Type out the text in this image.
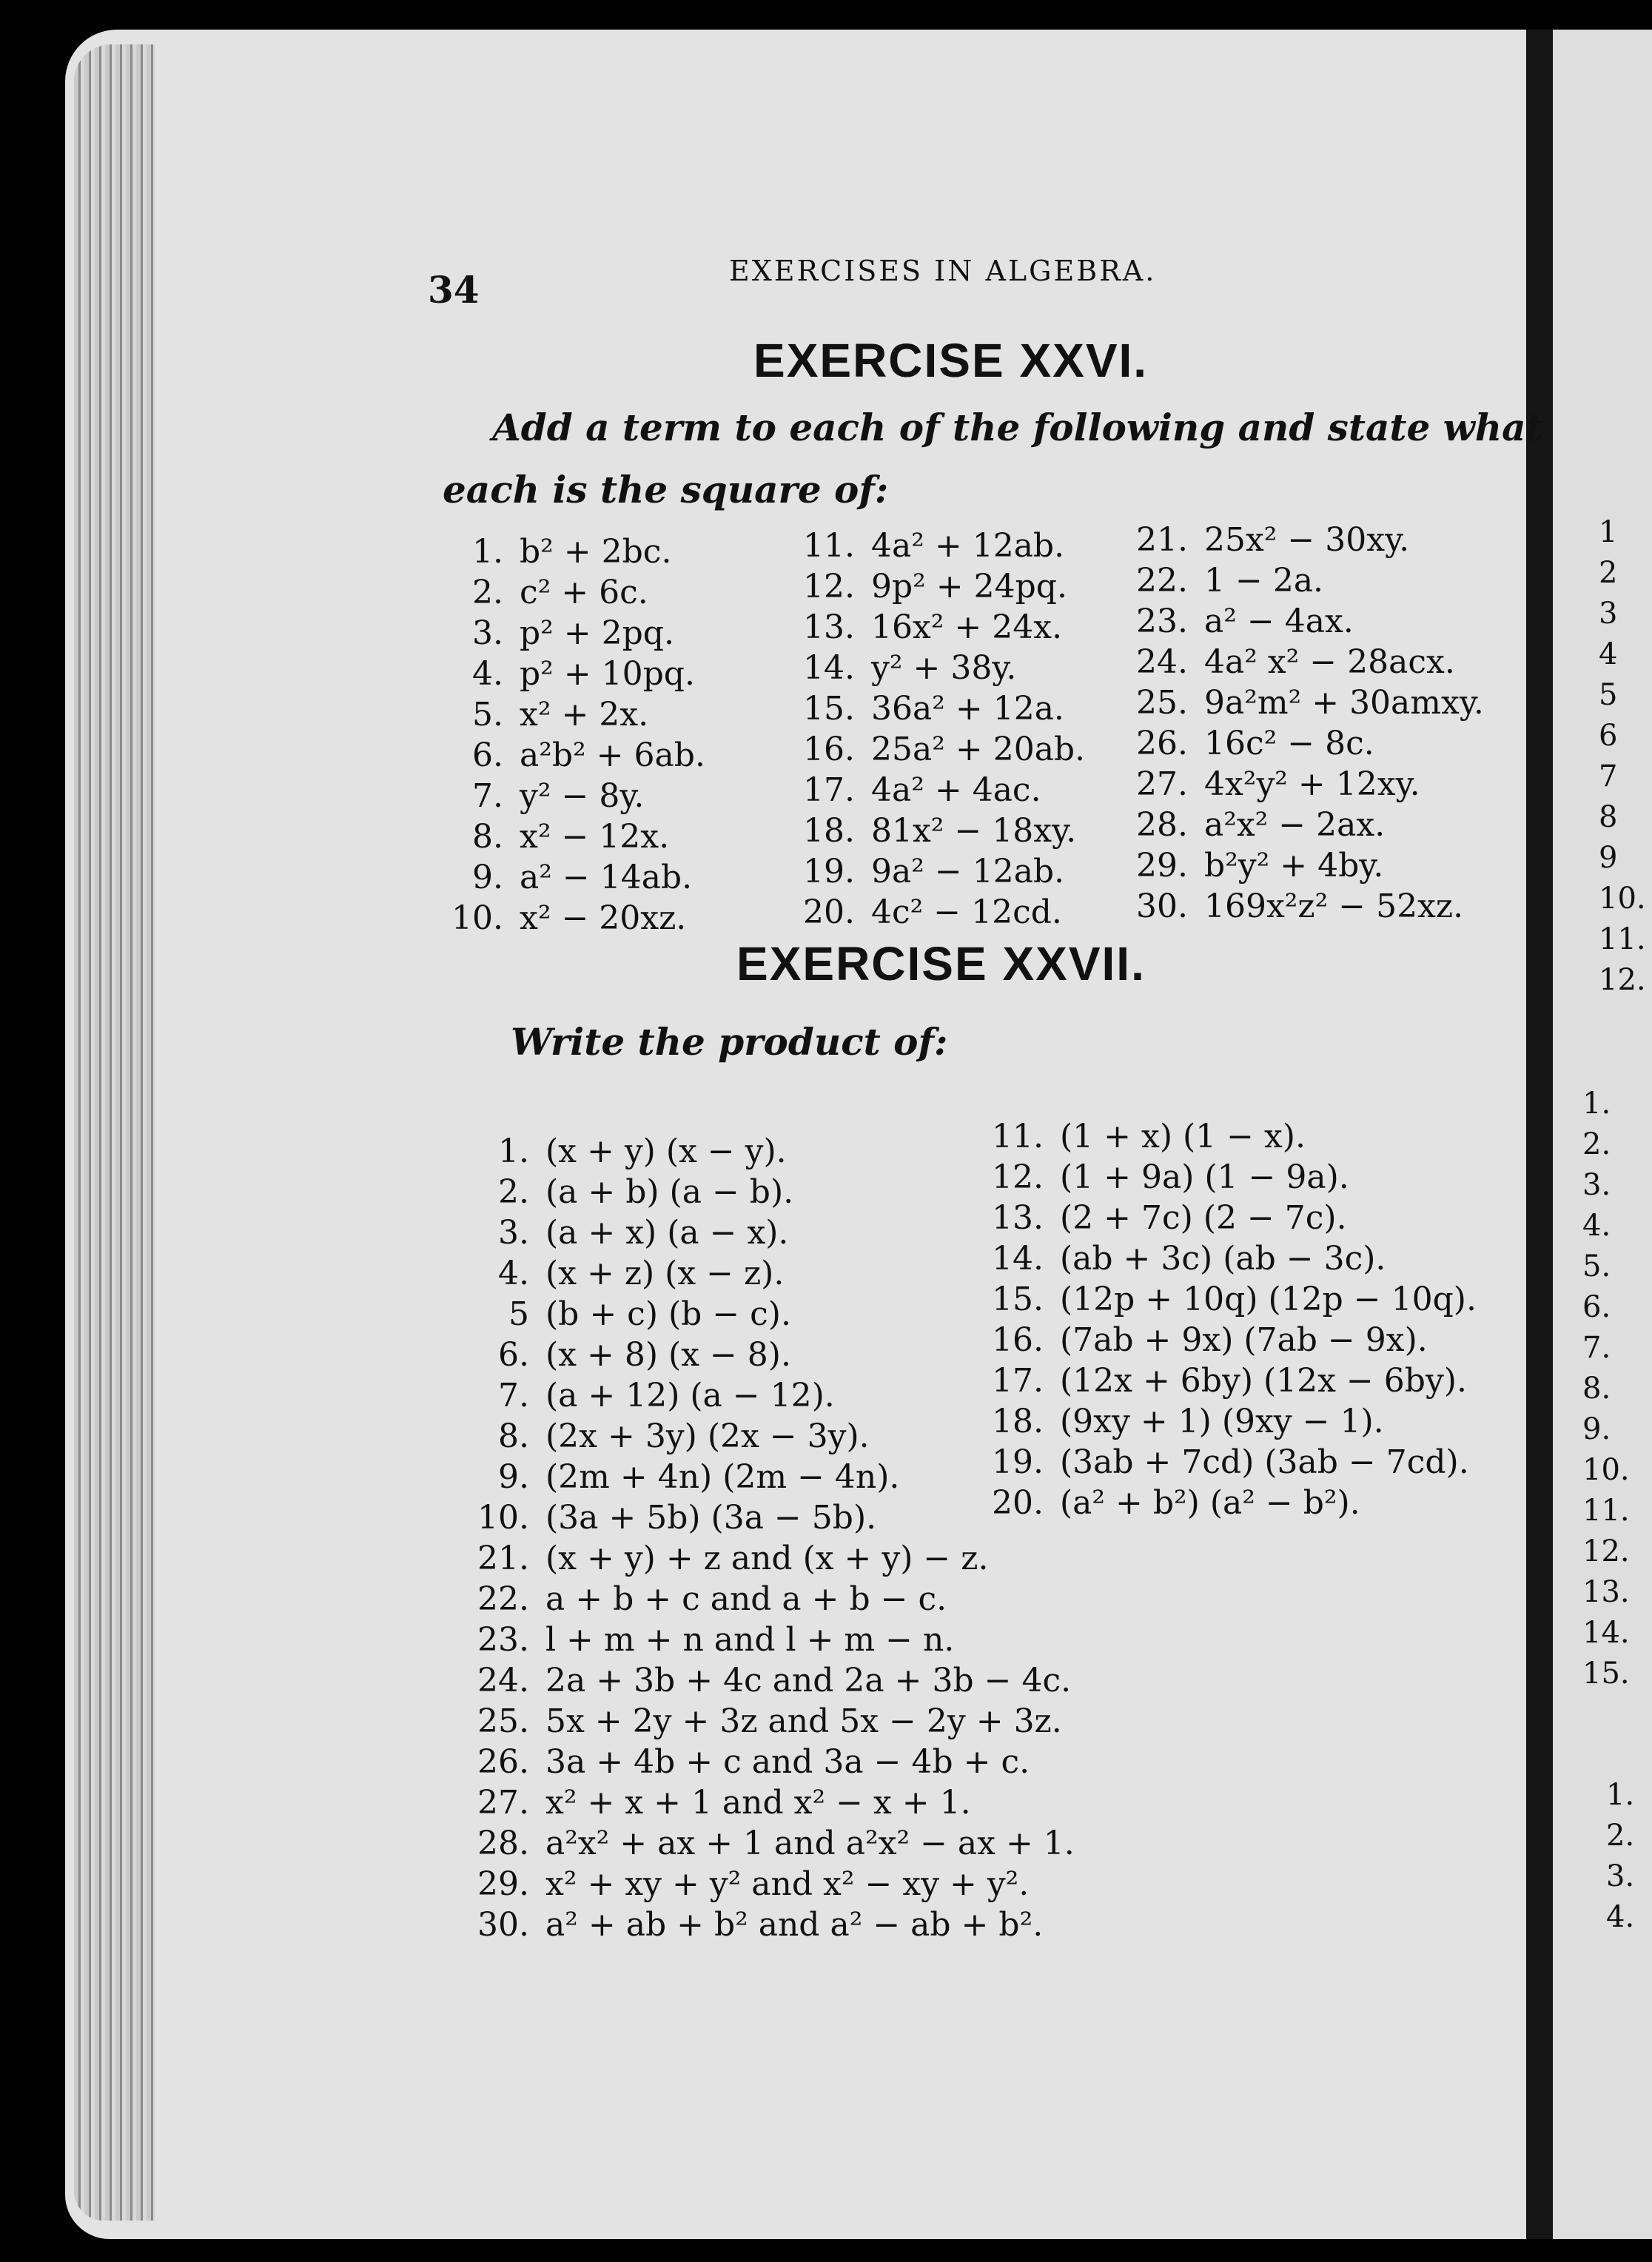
34	EXERCISES IN ALGEBRA.
EXERCISE XXVI.
Add a term to each of the following and state what
each is the square of:
1. b² + 2bc.
2. c² + 6c.
3. p² + 2pq.
4. p² + 10pq.
5. x² + 2x.
6. a²b² + 6ab.
7. y² − 8y.
8. x² − 12x.
9. a² − 14ab.
10. x² − 20xz.
11. 4a² + 12ab.
12. 9p² + 24pq.
13. 16x² + 24x.
14. y² + 38y.
15. 36a² + 12a.
16. 25a² + 20ab.
17. 4a² + 4ac.
18. 81x² − 18xy.
19. 9a² − 12ab.
20. 4c² − 12cd.
21. 25x² − 30xy.
22. 1 − 2a.
23. a² − 4ax.
24. 4a² x² − 28acx.
25. 9a²m² + 30amxy.
26. 16c² − 8c.
27. 4x²y² + 12xy.
28. a²x² − 2ax.
29. b²y² + 4by.
30. 169x²z² − 52xz.
EXERCISE XXVII.
Write the product of:
1. (x + y) (x − y).
2. (a + b) (a − b).
3. (a + x) (a − x).
4. (x + z) (x − z).
5 (b + c) (b − c).
6. (x + 8) (x − 8).
7. (a + 12) (a − 12).
8. (2x + 3y) (2x − 3y).
9. (2m + 4n) (2m − 4n).
10. (3a + 5b) (3a − 5b).
21. (x + y) + z and (x + y) − z.
22. a + b + c and a + b − c.
23. l + m + n and l + m − n.
24. 2a + 3b + 4c and 2a + 3b − 4c.
25. 5x + 2y + 3z and 5x − 2y + 3z.
26. 3a + 4b + c and 3a − 4b + c.
27. x² + x + 1 and x² − x + 1.
28. a²x² + ax + 1 and a²x² − ax + 1.
29. x² + xy + y² and x² − xy + y².
30. a² + ab + b² and a² − ab + b².
11. (1 + x) (1 − x).
12. (1 + 9a) (1 − 9a).
13. (2 + 7c) (2 − 7c).
14. (ab + 3c) (ab − 3c).
15. (12p + 10q) (12p − 10q).
16. (7ab + 9x) (7ab − 9x).
17. (12x + 6by) (12x − 6by).
18. (9xy + 1) (9xy − 1).
19. (3ab + 7cd) (3ab − 7cd).
20. (a² + b²) (a² − b²).
1
2
3
4
5
6
7
8
9
10.
11.
12.
1.
2.
3.
4.
5.
6.
7.
8.
9.
10.
11.
12.
13.
14.
15.
1.
2.
3.
4.
